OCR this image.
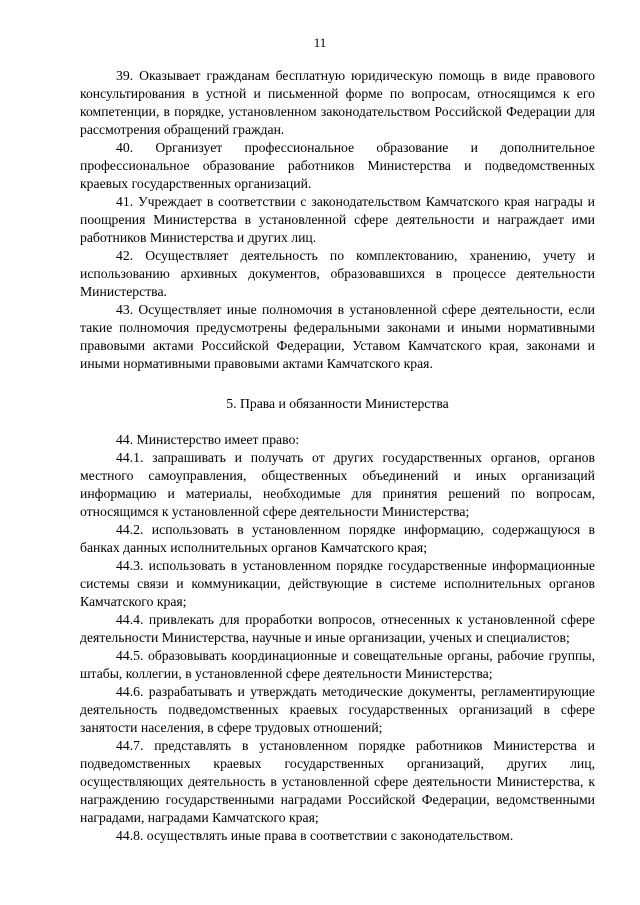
11

39. Оказывает гражданам бесплатную юридическую помощь в виде правового консультирования в устной и письменной форме по вопросам, относящимся к его компетенции, в порядке, установленном законодательством Российской Федерации для рассмотрения обращений граждан.

40. Организует профессиональное образование и дополнительное профессиональное образование работников Министерства и подведомственных краевых государственных организаций.

41. Учреждает в соответствии с законодательством Камчатского края награды и поощрения Министерства в установленной сфере деятельности и награждает ими работников Министерства и других лиц.

42. Осуществляет деятельность по комплектованию, хранению, учету и использованию архивных документов, образовавшихся в процессе деятельности Министерства.

43. Осуществляет иные полномочия в установленной сфере деятельности, если такие полномочия предусмотрены федеральными законами и иными нормативными правовыми актами Российской Федерации, Уставом Камчатского края, законами и иными нормативными правовыми актами Камчатского края.

5. Права и обязанности Министерства

44. Министерство имеет право:

44.1. запрашивать и получать от других государственных органов, органов местного самоуправления, общественных объединений и иных организаций информацию и материалы, необходимые для принятия решений по вопросам, относящимся к установленной сфере деятельности Министерства;

44.2. использовать в установленном порядке информацию, содержащуюся в банках данных исполнительных органов Камчатского края;

44.3. использовать в установленном порядке государственные информационные системы связи и коммуникации, действующие в системе исполнительных органов Камчатского края;

44.4. привлекать для проработки вопросов, отнесенных к установленной сфере деятельности Министерства, научные и иные организации, ученых и специалистов;

44.5. образовывать координационные и совещательные органы, рабочие группы, штабы, коллегии, в установленной сфере деятельности Министерства;

44.6. разрабатывать и утверждать методические документы, регламентирующие деятельность подведомственных краевых государственных организаций в сфере занятости населения, в сфере трудовых отношений;

44.7. представлять в установленном порядке работников Министерства и подведомственных краевых государственных организаций, других лиц, осуществляющих деятельность в установленной сфере деятельности Министерства, к награждению государственными наградами Российской Федерации, ведомственными наградами, наградами Камчатского края;

44.8. осуществлять иные права в соответствии с законодательством.
